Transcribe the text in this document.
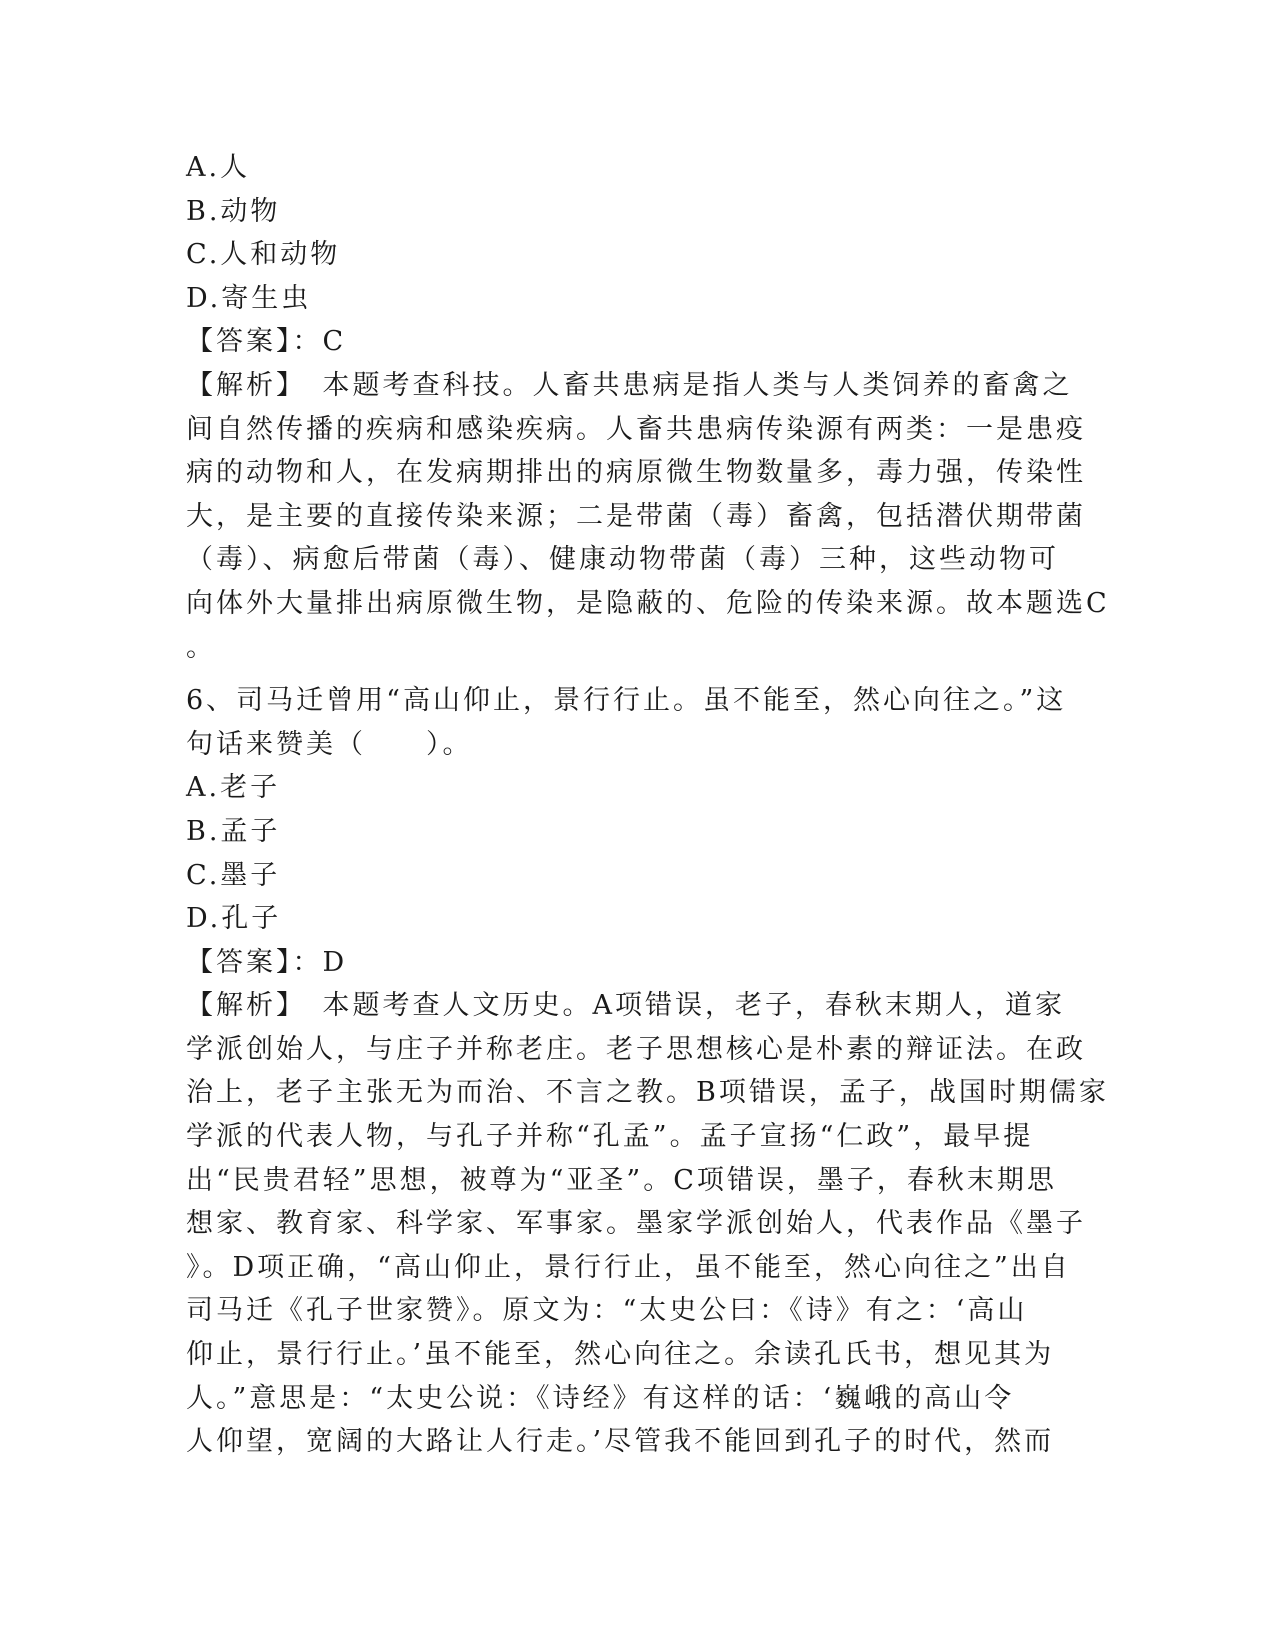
A.人
B.动物
C.人和动物
D.寄生虫
【答案】：C
【解析】　本题考查科技。人畜共患病是指人类与人类饲养的畜禽之
间自然传播的疾病和感染疾病。人畜共患病传染源有两类：一是患疫
病的动物和人，在发病期排出的病原微生物数量多，毒力强，传染性
大，是主要的直接传染来源；二是带菌（毒）畜禽，包括潜伏期带菌
（毒）、病愈后带菌（毒）、健康动物带菌（毒）三种，这些动物可
向体外大量排出病原微生物，是隐蔽的、危险的传染来源。故本题选C
。
6、司马迁曾用“高山仰止，景行行止。虽不能至，然心向往之。”这
句话来赞美（　　）。
A.老子
B.孟子
C.墨子
D.孔子
【答案】：D
【解析】　本题考查人文历史。A项错误，老子，春秋末期人，道家
学派创始人，与庄子并称老庄。老子思想核心是朴素的辩证法。在政
治上，老子主张无为而治、不言之教。B项错误，孟子，战国时期儒家
学派的代表人物，与孔子并称“孔孟”。孟子宣扬“仁政”，最早提
出“民贵君轻”思想，被尊为“亚圣”。C项错误，墨子，春秋末期思
想家、教育家、科学家、军事家。墨家学派创始人，代表作品《墨子
》。D项正确，“高山仰止，景行行止，虽不能至，然心向往之”出自
司马迁《孔子世家赞》。原文为：“太史公曰：《诗》有之：‘高山
仰止，景行行止。’虽不能至，然心向往之。余读孔氏书，想见其为
人。”意思是：“太史公说：《诗经》有这样的话：‘巍峨的高山令
人仰望，宽阔的大路让人行走。’尽管我不能回到孔子的时代，然而
